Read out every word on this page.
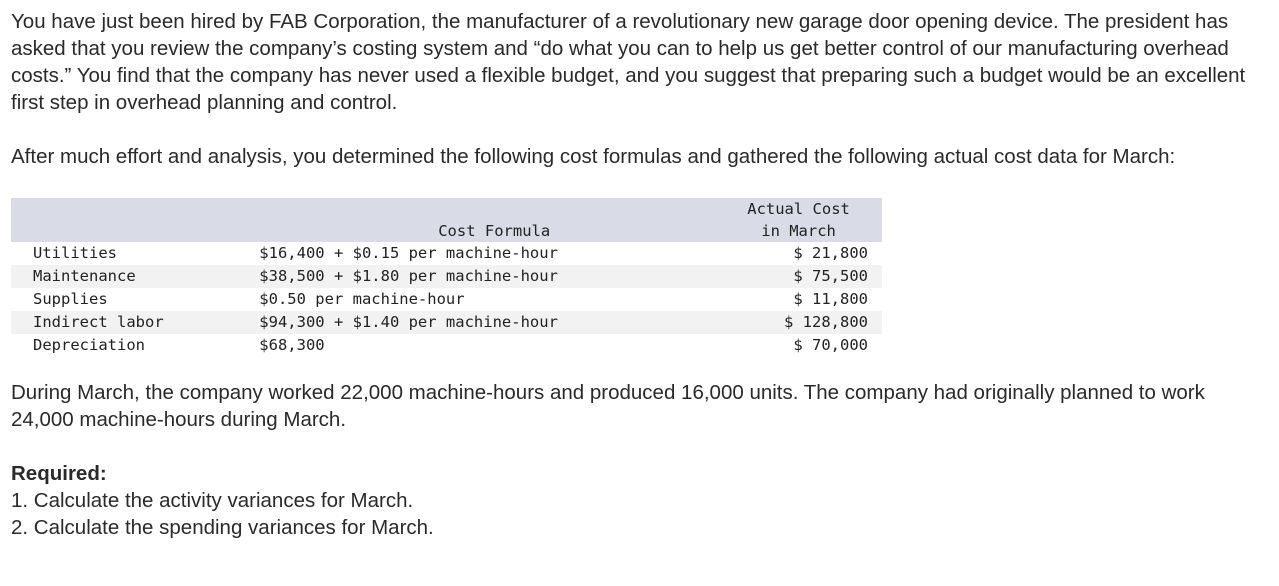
You have just been hired by FAB Corporation, the manufacturer of a revolutionary new garage door opening device. The president has asked that you review the company’s costing system and “do what you can to help us get better control of our manufacturing overhead costs.” You find that the company has never used a flexible budget, and you suggest that preparing such a budget would be an excellent first step in overhead planning and control.

After much effort and analysis, you determined the following cost formulas and gathered the following actual cost data for March:

	Cost Formula	Actual Cost
in March

Utilities	$16,400 + $0.15 per machine-hour	$ 21,800
Maintenance	$38,500 + $1.80 per machine-hour	$ 75,500
Supplies	$0.50 per machine-hour	$ 11,800
Indirect labor	$94,300 + $1.40 per machine-hour	$ 128,800
Depreciation	$68,300	$ 70,000

During March, the company worked 22,000 machine-hours and produced 16,000 units. The company had originally planned to work 24,000 machine-hours during March.

Required:

1. Calculate the activity variances for March.

2. Calculate the spending variances for March.
